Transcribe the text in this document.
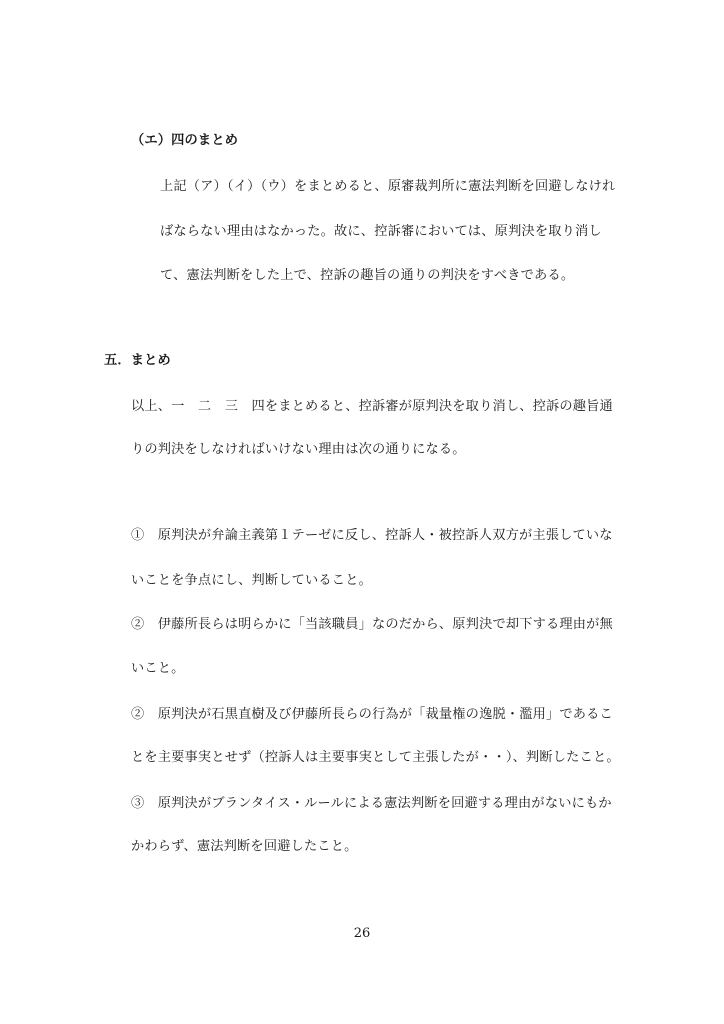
（エ）四のまとめ
上記（ア）（イ）（ウ）をまとめると、原審裁判所に憲法判断を回避しなけれ
ばならない理由はなかった。故に、控訴審においては、原判決を取り消し
て、憲法判断をした上で、控訴の趣旨の通りの判決をすべきである。
五．まとめ
以上、一　二　三　四をまとめると、控訴審が原判決を取り消し、控訴の趣旨通
りの判決をしなければいけない理由は次の通りになる。
①　原判決が弁論主義第１テーゼに反し、控訴人・被控訴人双方が主張していな
いことを争点にし、判断していること。
②　伊藤所長らは明らかに「当該職員」なのだから、原判決で却下する理由が無
いこと。
②　原判決が石黒直樹及び伊藤所長らの行為が「裁量権の逸脱・濫用」であるこ
とを主要事実とせず（控訴人は主要事実として主張したが・・）、判断したこと。
③　原判決がブランタイス・ルールによる憲法判断を回避する理由がないにもか
かわらず、憲法判断を回避したこと。
26
